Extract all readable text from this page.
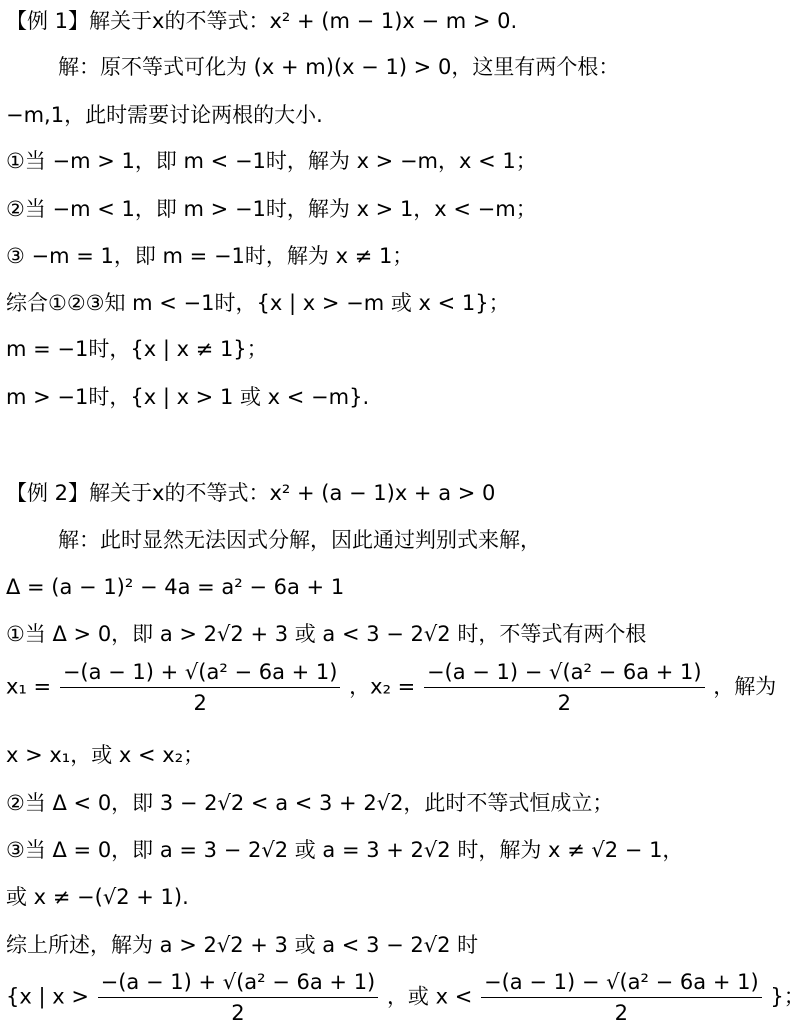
【例 1】解关于x的不等式：x² + (m − 1)x − m > 0.
解：原不等式可化为 (x + m)(x − 1) > 0，这里有两个根：
−m,1，此时需要讨论两根的大小.
①当 −m > 1，即 m < −1时，解为 x > −m，x < 1；
②当 −m < 1，即 m > −1时，解为 x > 1，x < −m；
③ −m = 1，即 m = −1时，解为 x ≠ 1；
综合①②③知 m < −1时，{x | x > −m 或 x < 1}；
m = −1时，{x | x ≠ 1}；
m > −1时，{x | x > 1 或 x < −m}.
【例 2】解关于x的不等式：x² + (a − 1)x + a > 0
解：此时显然无法因式分解，因此通过判别式来解，
Δ = (a − 1)² − 4a = a² − 6a + 1
①当 Δ > 0，即 a > 2√2 + 3 或 a < 3 − 2√2 时，不等式有两个根
$x_1 = \frac{\text{−(a − 1) + √(a² − 6a + 1)}}{2}$ ，$x_2 = \frac{\text{−(a − 1) − √(a² − 6a + 1)}}{2}$ ，解为
x > x₁，或 x < x₂；
②当 Δ < 0，即 3 − 2√2 < a < 3 + 2√2，此时不等式恒成立；
③当 Δ = 0，即 a = 3 − 2√2 或 a = 3 + 2√2 时，解为 x ≠ √2 − 1，
或 x ≠ −(√2 + 1).
综上所述，解为 a > 2√2 + 3 或 a < 3 − 2√2 时
{x | $x > \frac{\text{−(a − 1) + √(a² − 6a + 1)}}{2}$ ，或 $x < \frac{\text{−(a − 1) − √(a² − 6a + 1)}}{2}$ }；
